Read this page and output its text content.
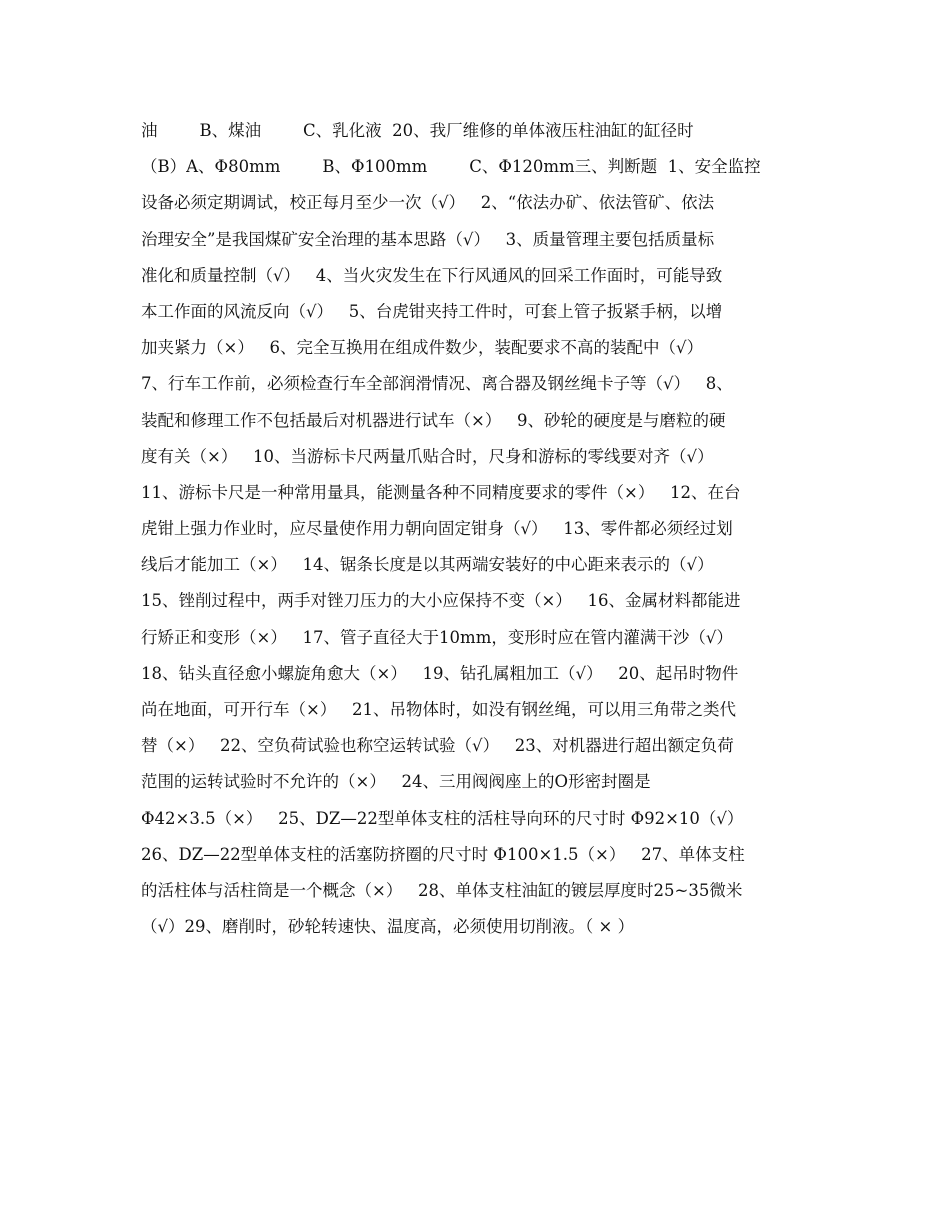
油        B、煤油        C、乳化液  20、我厂维修的单体液压柱油缸的缸径时
（B）A、Φ80mm        B、Φ100mm        C、Φ120mm三、判断题  1、安全监控
设备必须定期调试，校正每月至少一次（√）   2、“依法办矿、依法管矿、依法
治理安全”是我国煤矿安全治理的基本思路（√）   3、质量管理主要包括质量标
准化和质量控制（√）   4、当火灾发生在下行风通风的回采工作面时，可能导致
本工作面的风流反向（√）   5、台虎钳夹持工件时，可套上管子扳紧手柄，以增
加夹紧力（×）   6、完全互换用在组成件数少，装配要求不高的装配中（√）
7、行车工作前，必须检查行车全部润滑情况、离合器及钢丝绳卡子等（√）   8、
装配和修理工作不包括最后对机器进行试车（×）   9、砂轮的硬度是与磨粒的硬
度有关（×）   10、当游标卡尺两量爪贴合时，尺身和游标的零线要对齐（√）
11、游标卡尺是一种常用量具，能测量各种不同精度要求的零件（×）   12、在台
虎钳上强力作业时，应尽量使作用力朝向固定钳身（√）   13、零件都必须经过划
线后才能加工（×）   14、锯条长度是以其两端安装好的中心距来表示的（√）
15、锉削过程中，两手对锉刀压力的大小应保持不变（×）   16、金属材料都能进
行矫正和变形（×）   17、管子直径大于10mm，变形时应在管内灌满干沙（√）
18、钻头直径愈小螺旋角愈大（×）   19、钻孔属粗加工（√）   20、起吊时物件
尚在地面，可开行车（×）   21、吊物体时，如没有钢丝绳，可以用三角带之类代
替（×）   22、空负荷试验也称空运转试验（√）   23、对机器进行超出额定负荷
范围的运转试验时不允许的（×）   24、三用阀阀座上的O形密封圈是
Φ42×3.5（×）   25、DZ—22型单体支柱的活柱导向环的尺寸时 Φ92×10（√）
26、DZ—22型单体支柱的活塞防挤圈的尺寸时 Φ100×1.5（×）   27、单体支柱
的活柱体与活柱筒是一个概念（×）   28、单体支柱油缸的镀层厚度时25~35微米
（√）29、磨削时，砂轮转速快、温度高，必须使用切削液。（ × ）
